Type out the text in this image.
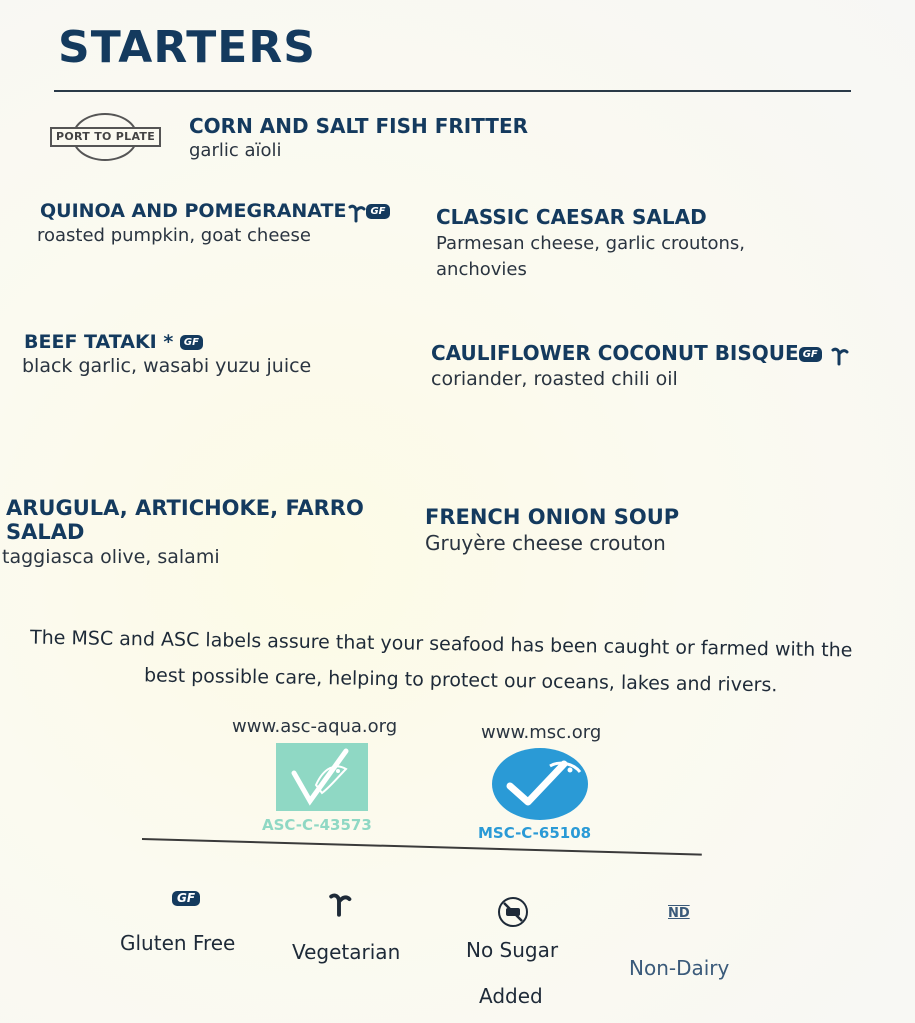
STARTERS
PORT TO PLATE CORN AND SALT FISH FRITTER
garlic aïoli
QUINOA AND POMEGRANATE GF
roasted pumpkin, goat cheese
CLASSIC CAESAR SALAD
Parmesan cheese, garlic croutons, anchovies
BEEF TATAKI * GF
black garlic, wasabi yuzu juice
CAULIFLOWER COCONUT BISQUE GF
coriander, roasted chili oil
ARUGULA, ARTICHOKE, FARRO
SALAD
taggiasca olive, salami
FRENCH ONION SOUP
Gruyère cheese crouton
The MSC and ASC labels assure that your seafood has been caught or farmed with the
best possible care, helping to protect our oceans, lakes and rivers.
www.asc-aqua.org	www.msc.org
ASC-C-43573	MSC-C-65108
GF
Gluten Free	Vegetarian	No Sugar
Added
ND
Non-Dairy
